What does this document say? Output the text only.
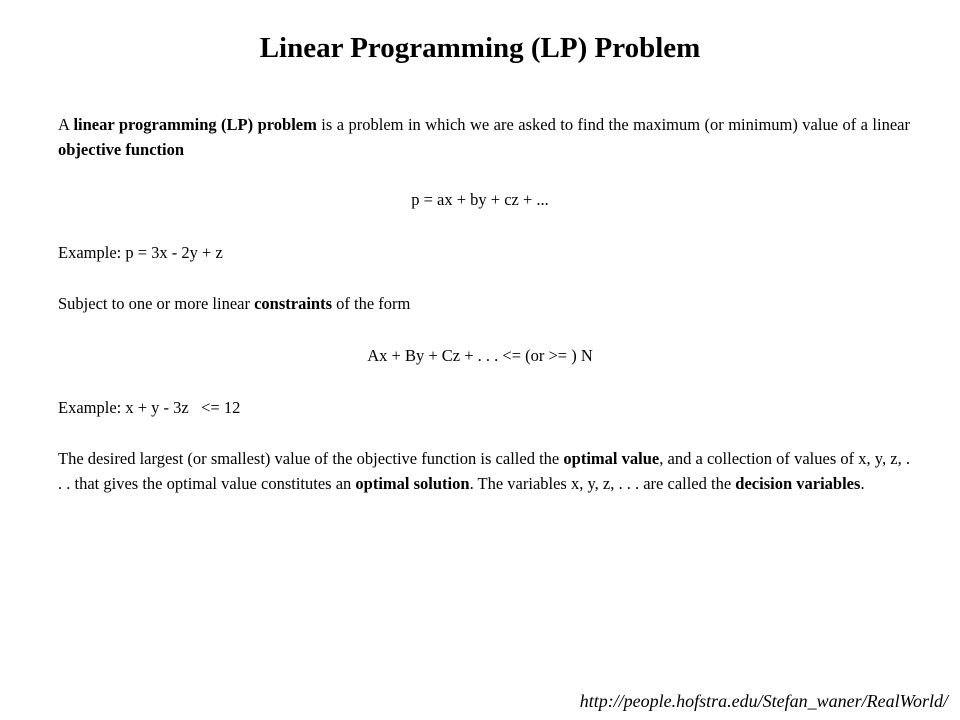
Linear Programming (LP) Problem

A linear programming (LP) problem is a problem in which we are asked to find the maximum (or minimum) value of a linear objective function

p = ax + by + cz + ...

Example: p = 3x - 2y + z

Subject to one or more linear constraints of the form

Ax + By + Cz + . . . <= (or >= ) N

Example: x + y - 3z   <= 12

The desired largest (or smallest) value of the objective function is called the optimal value, and a collection of values of x, y, z, . . . that gives the optimal value constitutes an optimal solution. The variables x, y, z, . . . are called the decision variables.

http://people.hofstra.edu/Stefan_waner/RealWorld/
